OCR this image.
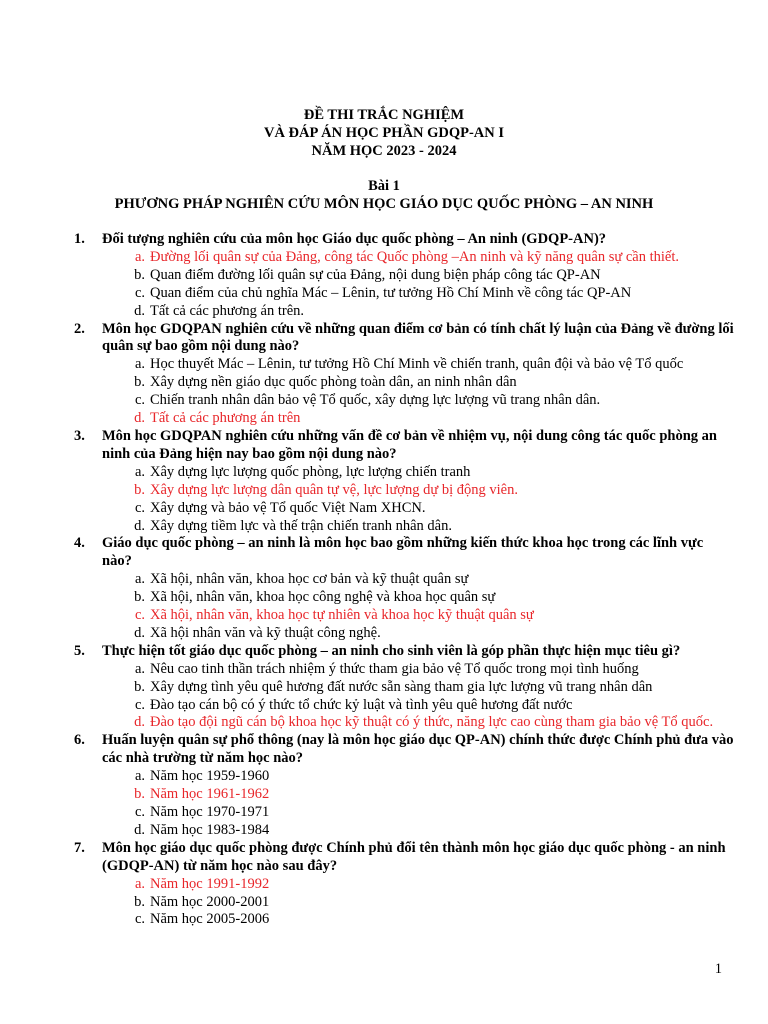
ĐỀ THI TRẮC NGHIỆM
VÀ ĐÁP ÁN HỌC PHẦN GDQP-AN I
NĂM HỌC 2023 - 2024
Bài 1
PHƯƠNG PHÁP NGHIÊN CỨU MÔN HỌC GIÁO DỤC QUỐC PHÒNG – AN NINH
1. Đối tượng nghiên cứu của môn học Giáo dục quốc phòng – An ninh (GDQP-AN)?
a. Đường lối quân sự của Đảng, công tác Quốc phòng –An ninh và kỹ năng quân sự cần thiết.
b. Quan điểm đường lối quân sự của Đảng, nội dung biện pháp công tác QP-AN
c. Quan điểm của chủ nghĩa Mác – Lênin, tư tưởng Hồ Chí Minh về công tác QP-AN
d. Tất cả các phương án trên.
2. Môn học GDQPAN nghiên cứu về những quan điểm cơ bản có tính chất lý luận của Đảng về đường lối quân sự bao gồm nội dung nào?
a. Học thuyết Mác – Lênin, tư tưởng Hồ Chí Minh về chiến tranh, quân đội và bảo vệ Tổ quốc
b. Xây dựng nền giáo dục quốc phòng toàn dân, an ninh nhân dân
c. Chiến tranh nhân dân bảo vệ Tổ quốc, xây dựng lực lượng vũ trang nhân dân.
d. Tất cả các phương án trên
3. Môn học GDQPAN nghiên cứu những vấn đề cơ bản về nhiệm vụ, nội dung công tác quốc phòng an ninh của Đảng hiện nay bao gồm nội dung nào?
a. Xây dựng lực lượng quốc phòng, lực lượng chiến tranh
b. Xây dựng lực lượng dân quân tự vệ, lực lượng dự bị động viên.
c. Xây dựng và bảo vệ Tổ quốc Việt Nam XHCN.
d. Xây dựng tiềm lực và thế trận chiến tranh nhân dân.
4. Giáo dục quốc phòng – an ninh là môn học bao gồm những kiến thức khoa học trong các lĩnh vực nào?
a. Xã hội, nhân văn, khoa học cơ bản và kỹ thuật quân sự
b. Xã hội, nhân văn, khoa học công nghệ và khoa học quân sự
c. Xã hội, nhân văn, khoa học tự nhiên và khoa học kỹ thuật quân sự
d. Xã hội nhân văn và kỹ thuật công nghệ.
5. Thực hiện tốt giáo dục quốc phòng – an ninh cho sinh viên là góp phần thực hiện mục tiêu gì?
a. Nêu cao tinh thần trách nhiệm ý thức tham gia bảo vệ Tổ quốc trong mọi tình huống
b. Xây dựng tình yêu quê hương đất nước sẵn sàng tham gia lực lượng vũ trang nhân dân
c. Đào tạo cán bộ có ý thức tổ chức kỷ luật và tình yêu quê hương đất nước
d. Đào tạo đội ngũ cán bộ khoa học kỹ thuật có ý thức, năng lực cao cùng tham gia bảo vệ Tổ quốc.
6. Huấn luyện quân sự phổ thông (nay là môn học giáo dục QP-AN) chính thức được Chính phủ đưa vào các nhà trường từ năm học nào?
a. Năm học 1959-1960
b. Năm học 1961-1962
c. Năm học 1970-1971
d. Năm học 1983-1984
7. Môn học giáo dục quốc phòng được Chính phủ đổi tên thành môn học giáo dục quốc phòng - an ninh (GDQP-AN) từ năm học nào sau đây?
a. Năm học 1991-1992
b. Năm học 2000-2001
c. Năm học 2005-2006
1
